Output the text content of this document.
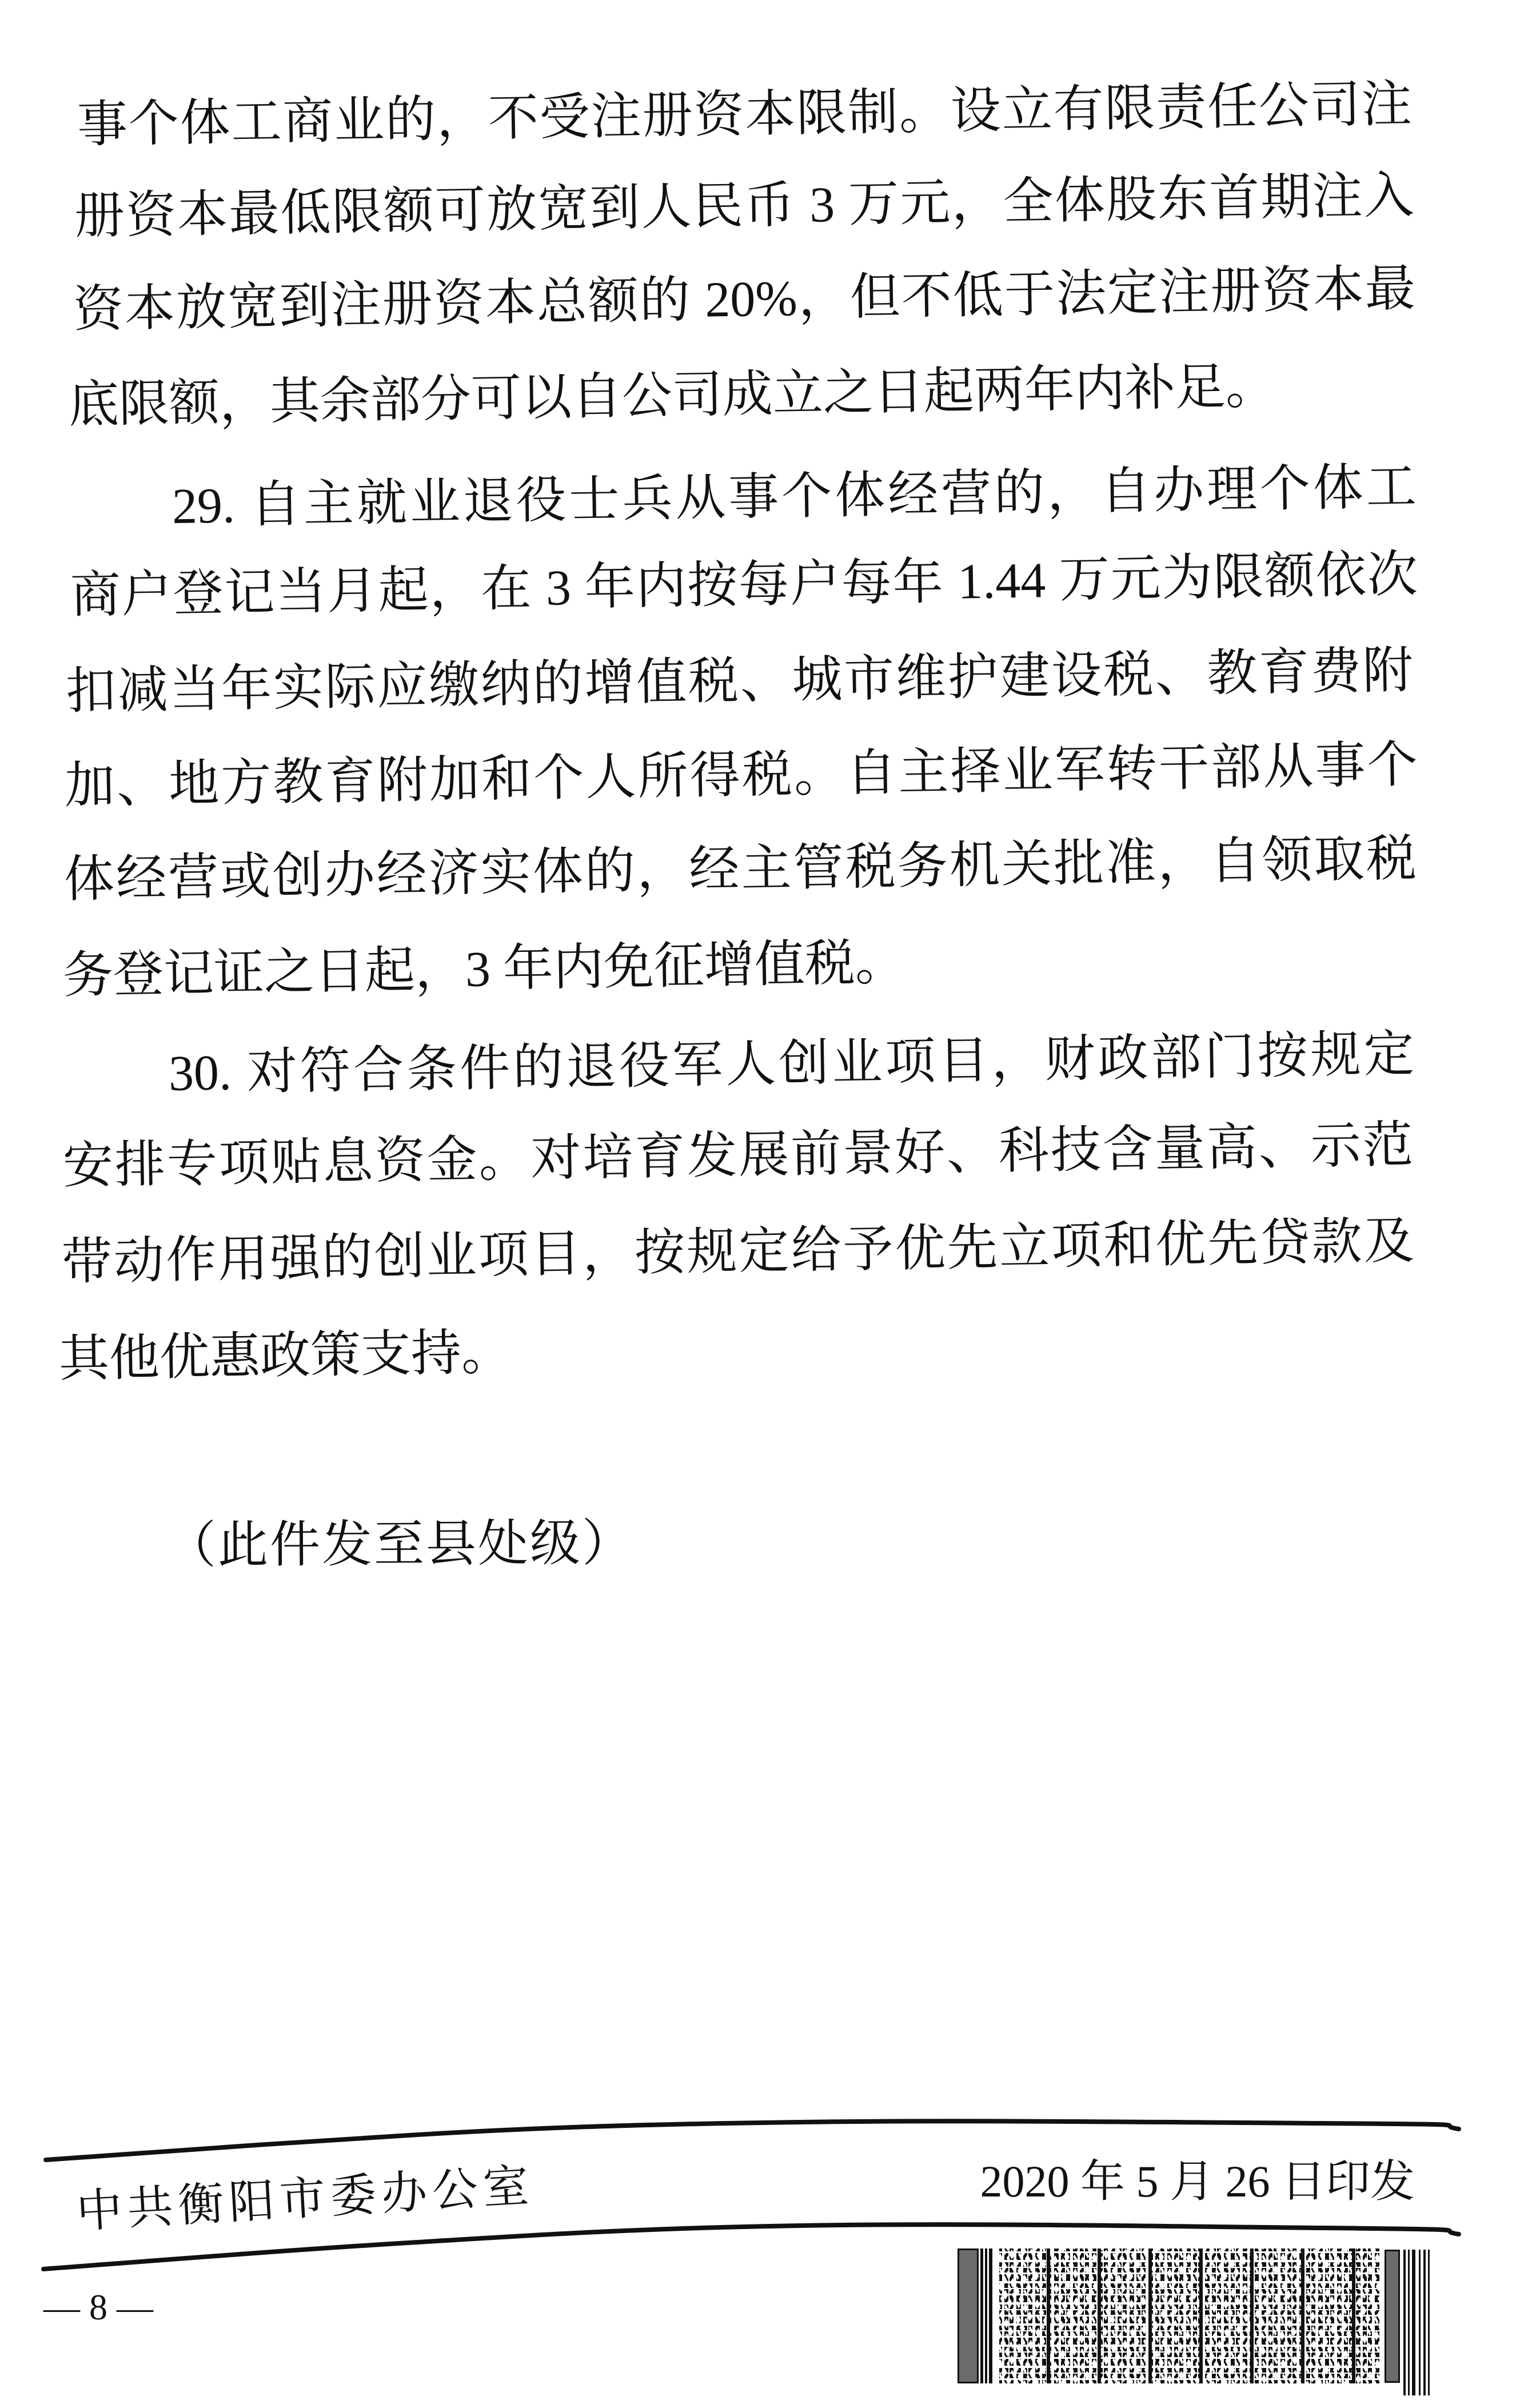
事个体工商业的，不受注册资本限制。设立有限责任公司注
册资本最低限额可放宽到人民币 3 万元，全体股东首期注入
资本放宽到注册资本总额的 20%，但不低于法定注册资本最
底限额，其余部分可以自公司成立之日起两年内补足。
29. 自主就业退役士兵从事个体经营的，自办理个体工
商户登记当月起，在 3 年内按每户每年 1.44 万元为限额依次
扣减当年实际应缴纳的增值税、城市维护建设税、教育费附
加、地方教育附加和个人所得税。自主择业军转干部从事个
体经营或创办经济实体的，经主管税务机关批准，自领取税
务登记证之日起，3 年内免征增值税。
30. 对符合条件的退役军人创业项目，财政部门按规定
安排专项贴息资金。对培育发展前景好、科技含量高、示范
带动作用强的创业项目，按规定给予优先立项和优先贷款及
其他优惠政策支持。
（此件发至县处级）
中共衡阳市委办公室	2020 年 5 月 26 日印发
—8—
